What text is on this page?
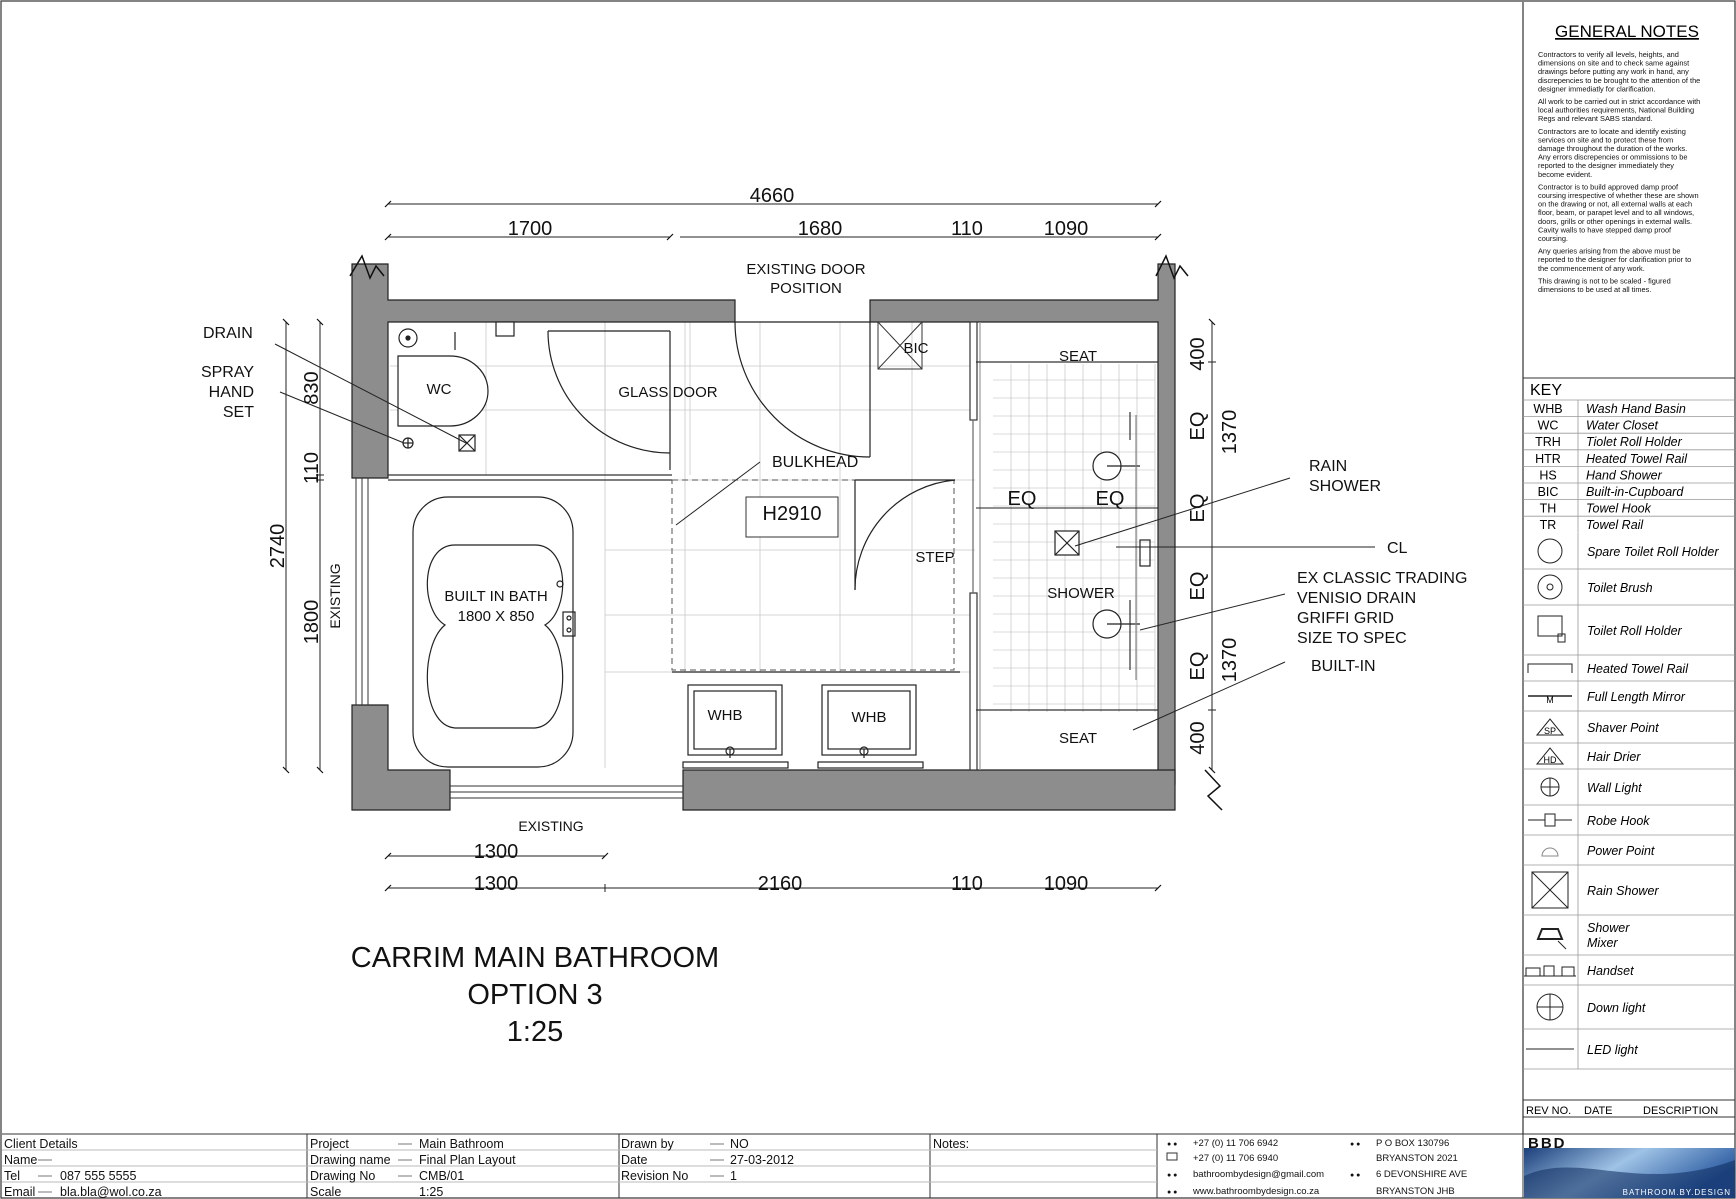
4660
1700	1680	110	1090
1300
1300	2160	110	1090
2740
830
110
1800
400
1370
1370
400
EQ
EQ
EQ
EQ
EQ	EQ
EXISTING DOOR
POSITION
DRAIN
SPRAY
HAND
SET
WC	GLASS DOOR
BIC	SEAT
SEAT
BULKHEAD
H2910
STEP
SHOWER
BUILT IN BATH
1800 X 850
EXISTING
EXISTING
WHB	WHB
RAIN
SHOWER
CL
EX CLASSIC TRADING
VENISIO DRAIN
GRIFFI GRID
SIZE TO SPEC
BUILT-IN
CARRIM MAIN BATHROOM
OPTION 3
1:25
GENERAL NOTES
Contractors to verify all levels, heights, and
dimensions on site and to check same against
drawings before putting any work in hand, any
discrepencies to be brought to the attention of the
designer immediatly for clarification.
All work to be carried out in strict accordance with
local authorities requirements, National Building
Regs and relevant SABS standard.
Contractors are to locate and identify existing
services on site and to protect these from
damage throughout the duration of the works.
Any errors discrepencies or ommissions to be
reported to the designer immediately they
become evident.
Contractor is to build approved damp proof
coursing irrespective of whether these are shown
on the drawing or not, all external walls at each
floor, beam, or parapet level and to all windows,
doors, grills or other openings in external walls.
Cavity walls to have stepped damp proof
coursing.
Any queries arising from the above must be
reported to the designer for clarification prior to
the commencement of any work.
This drawing is not to be scaled - figured
dimensions to be used at all times.
KEY
WHB Wash Hand Basin
WC Water Closet
TRH Tiolet Roll Holder
HTR Heated Towel Rail
HS Hand Shower
BIC Built-in-Cupboard
TH Towel Hook
TR Towel Rail
Spare Toilet Roll Holder
Toilet Brush
Toilet Roll Holder
Heated Towel Rail
M	Full Length Mirror
SP Shaver Point
HD Hair Drier
Wall Light
Robe Hook
Power Point
Rain Shower
Shower
Mixer
Handset
Down light
LED light
REV NO. DATE	DESCRIPTION
Client Details
Name
Tel	087 555 5555
Email bla.bla@wol.co.za
Project	Main Bathroom
Drawing name Final Plan Layout
Drawing No	CMB/01
Scale	1:25
Drawn by	NO
Date	27-03-2012
Revision No	1
Notes:	● ● +27 (0) 11 706 6942
+27 (0) 11 706 6940
● ● bathroombydesign@gmail.com
● ● www.bathroombydesign.co.za
● ● P O BOX 130796
BRYANSTON 2021
● ● 6 DEVONSHIRE AVE
BRYANSTON JHB
BBD
BATHROOM.BY.DESIGN
